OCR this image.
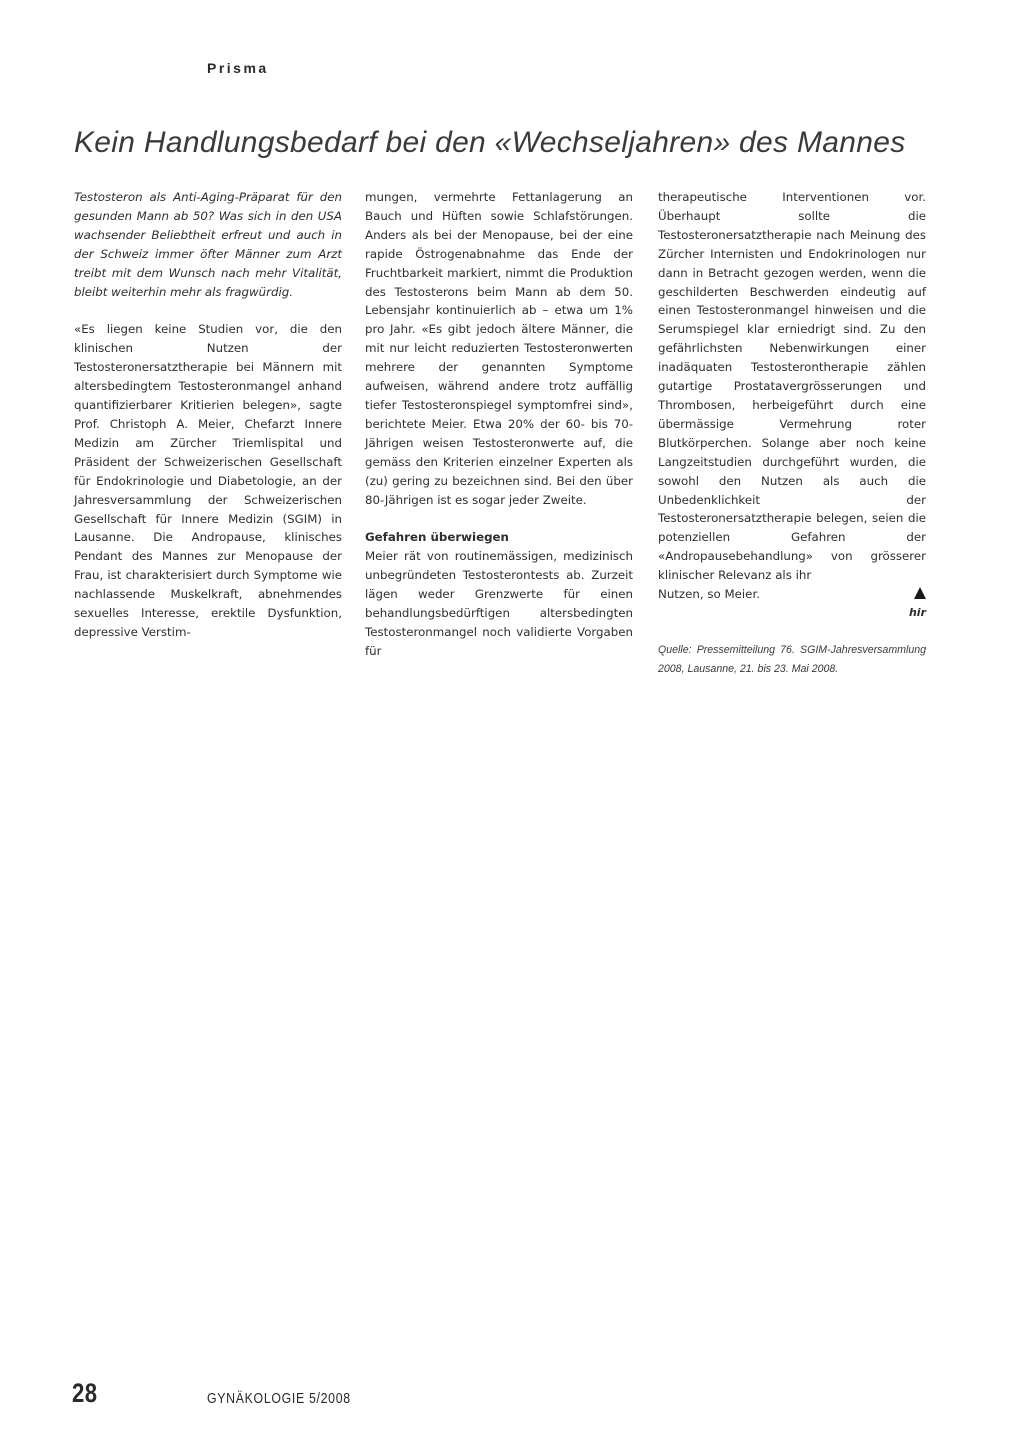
Prisma
Kein Handlungsbedarf bei den «Wechseljahren» des Mannes

Testosteron als Anti-Aging-Präparat für den gesunden Mann ab 50? Was sich in den USA wachsender Beliebtheit erfreut und auch in der Schweiz immer öfter Männer zum Arzt treibt mit dem Wunsch nach mehr Vitalität, bleibt weiterhin mehr als fragwürdig.

«Es liegen keine Studien vor, die den klinischen Nutzen der Testosteronersatztherapie bei Männern mit altersbedingtem Testosteronmangel anhand quantifizierbarer Kritierien belegen», sagte Prof. Christoph A. Meier, Chefarzt Innere Medizin am Zürcher Triemlispital und Präsident der Schweizerischen Gesellschaft für Endokrinologie und Diabetologie, an der Jahresversammlung der Schweizerischen Gesellschaft für Innere Medizin (SGIM) in Lausanne. Die Andropause, klinisches Pendant des Mannes zur Menopause der Frau, ist charakterisiert durch Symptome wie nachlassende Muskelkraft, abnehmendes sexuelles Interesse, erektile Dysfunktion, depressive Verstim-

mungen, vermehrte Fettanlagerung an Bauch und Hüften sowie Schlafstörungen. Anders als bei der Menopause, bei der eine rapide Östrogenabnahme das Ende der Fruchtbarkeit markiert, nimmt die Produktion des Testosterons beim Mann ab dem 50. Lebensjahr kontinuierlich ab – etwa um 1% pro Jahr. «Es gibt jedoch ältere Männer, die mit nur leicht reduzierten Testosteronwerten mehrere der genannten Symptome aufweisen, während andere trotz auffällig tiefer Testosteronspiegel symptomfrei sind», berichtete Meier. Etwa 20% der 60- bis 70-Jährigen weisen Testosteronwerte auf, die gemäss den Kriterien einzelner Experten als (zu) gering zu bezeichnen sind. Bei den über 80-Jährigen ist es sogar jeder Zweite.

Gefahren überwiegen

Meier rät von routinemässigen, medizinisch unbegründeten Testosterontests ab. Zurzeit lägen weder Grenzwerte für einen behandlungsbedürftigen altersbedingten Testosteronmangel noch validierte Vorgaben für

therapeutische Interventionen vor. Überhaupt sollte die Testosteronersatztherapie nach Meinung des Zürcher Internisten und Endokrinologen nur dann in Betracht gezogen werden, wenn die geschilderten Beschwerden eindeutig auf einen Testosteronmangel hinweisen und die Serumspiegel klar erniedrigt sind. Zu den gefährlichsten Nebenwirkungen einer inadäquaten Testosterontherapie zählen gutartige Prostatavergrösserungen und Thrombosen, herbeigeführt durch eine übermässige Vermehrung roter Blutkörperchen. Solange aber noch keine Langzeitstudien durchgeführt wurden, die sowohl den Nutzen als auch die Unbedenklichkeit der Testosteronersatztherapie belegen, seien die potenziellen Gefahren der «Andropausebehandlung» von grösserer klinischer Relevanz als ihr

Nutzen, so Meier.
hir
Quelle: Pressemitteilung 76. SGIM-Jahresversammlung 2008, Lausanne, 21. bis 23. Mai 2008.
28	GYNÄKOLOGIE 5/2008
